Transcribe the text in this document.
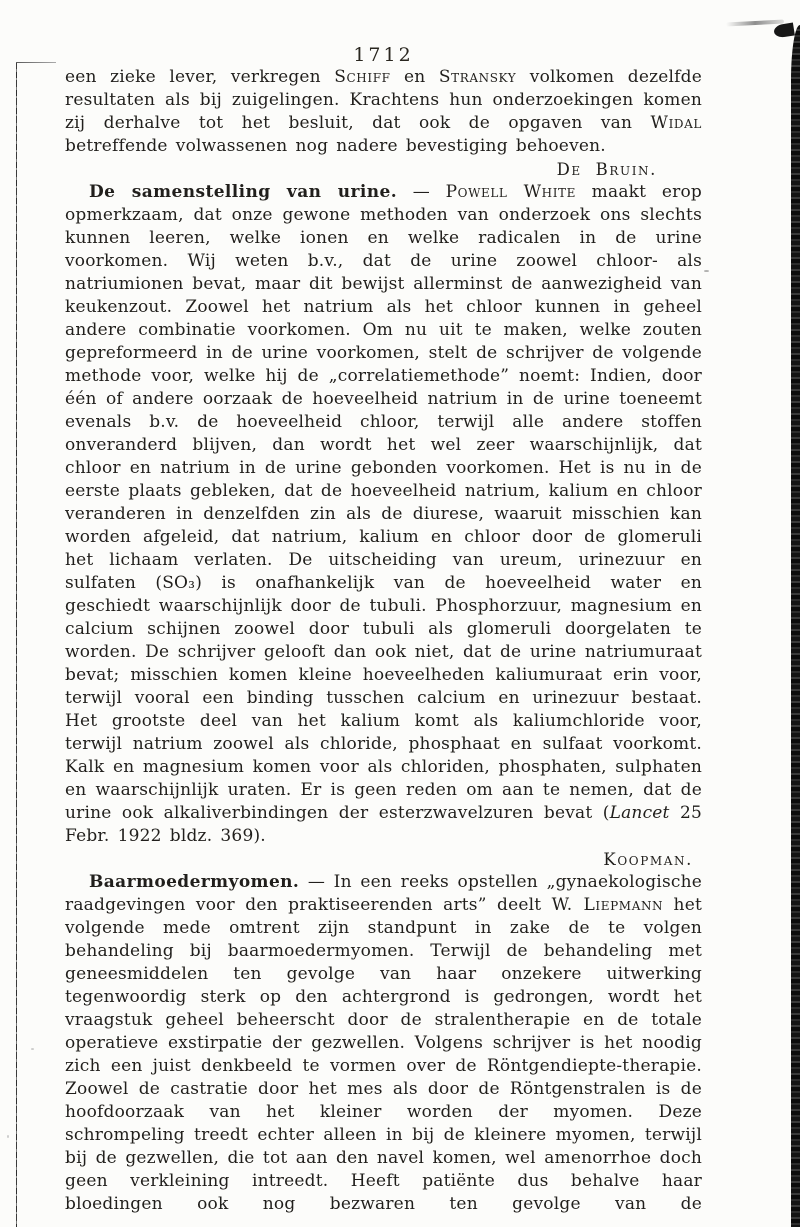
1712

een zieke lever, verkregen Schiff en Stransky volkomen dezelfde resultaten als bij zuigelingen. Krachtens hun onderzoekingen komen zij derhalve tot het besluit, dat ook de opgaven van Widal betreffende volwassenen nog nadere bevestiging behoeven.

De Bruin.

De samenstelling van urine. — Powell White maakt erop opmerkzaam, dat onze gewone methoden van onderzoek ons slechts kunnen leeren, welke ionen en welke radicalen in de urine voorkomen. Wij weten b.v., dat de urine zoowel chloor- als natriumionen bevat, maar dit bewijst allerminst de aanwezigheid van keukenzout. Zoowel het natrium als het chloor kunnen in geheel andere combinatie voorkomen. Om nu uit te maken, welke zouten gepreformeerd in de urine voorkomen, stelt de schrijver de volgende methode voor, welke hij de „correlatiemethode” noemt: Indien, door één of andere oorzaak de hoeveelheid natrium in de urine toeneemt evenals b.v. de hoeveelheid chloor, terwijl alle andere stoffen onveranderd blijven, dan wordt het wel zeer waarschijnlijk, dat chloor en natrium in de urine gebonden voorkomen. Het is nu in de eerste plaats gebleken, dat de hoeveelheid natrium, kalium en chloor veranderen in denzelfden zin als de diurese, waaruit misschien kan worden afgeleid, dat natrium, kalium en chloor door de glomeruli het lichaam verlaten. De uitscheiding van ureum, urinezuur en sulfaten (SO₃) is onafhankelijk van de hoeveelheid water en geschiedt waarschijnlijk door de tubuli. Phosphorzuur, magnesium en calcium schijnen zoowel door tubuli als glomeruli doorgelaten te worden. De schrijver gelooft dan ook niet, dat de urine natriumuraat bevat; misschien komen kleine hoeveelheden kaliumuraat erin voor, terwijl vooral een binding tusschen calcium en urinezuur bestaat. Het grootste deel van het kalium komt als kaliumchloride voor, terwijl natrium zoowel als chloride, phosphaat en sulfaat voorkomt. Kalk en magnesium komen voor als chloriden, phosphaten, sulphaten en waarschijnlijk uraten. Er is geen reden om aan te nemen, dat de urine ook alkaliverbindingen der esterzwavelzuren bevat (Lancet 25 Febr. 1922 bldz. 369).

Koopman.

Baarmoedermyomen. — In een reeks opstellen „gynaekologische raadgevingen voor den praktiseerenden arts” deelt W. Liepmann het volgende mede omtrent zijn standpunt in zake de te volgen behandeling bij baarmoedermyomen. Terwijl de behandeling met geneesmiddelen ten gevolge van haar onzekere uitwerking tegenwoordig sterk op den achtergrond is gedrongen, wordt het vraagstuk geheel beheerscht door de stralentherapie en de totale operatieve exstirpatie der gezwellen. Volgens schrijver is het noodig zich een juist denkbeeld te vormen over de Röntgendiepte-therapie. Zoowel de castratie door het mes als door de Röntgenstralen is de hoofdoorzaak van het kleiner worden der myomen. Deze schrompeling treedt echter alleen in bij de kleinere myomen, terwijl bij de gezwellen, die tot aan den navel komen, wel amenorrhoe doch geen verkleining intreedt. Heeft patiënte dus behalve haar bloedingen ook nog bezwaren ten gevolge van de
